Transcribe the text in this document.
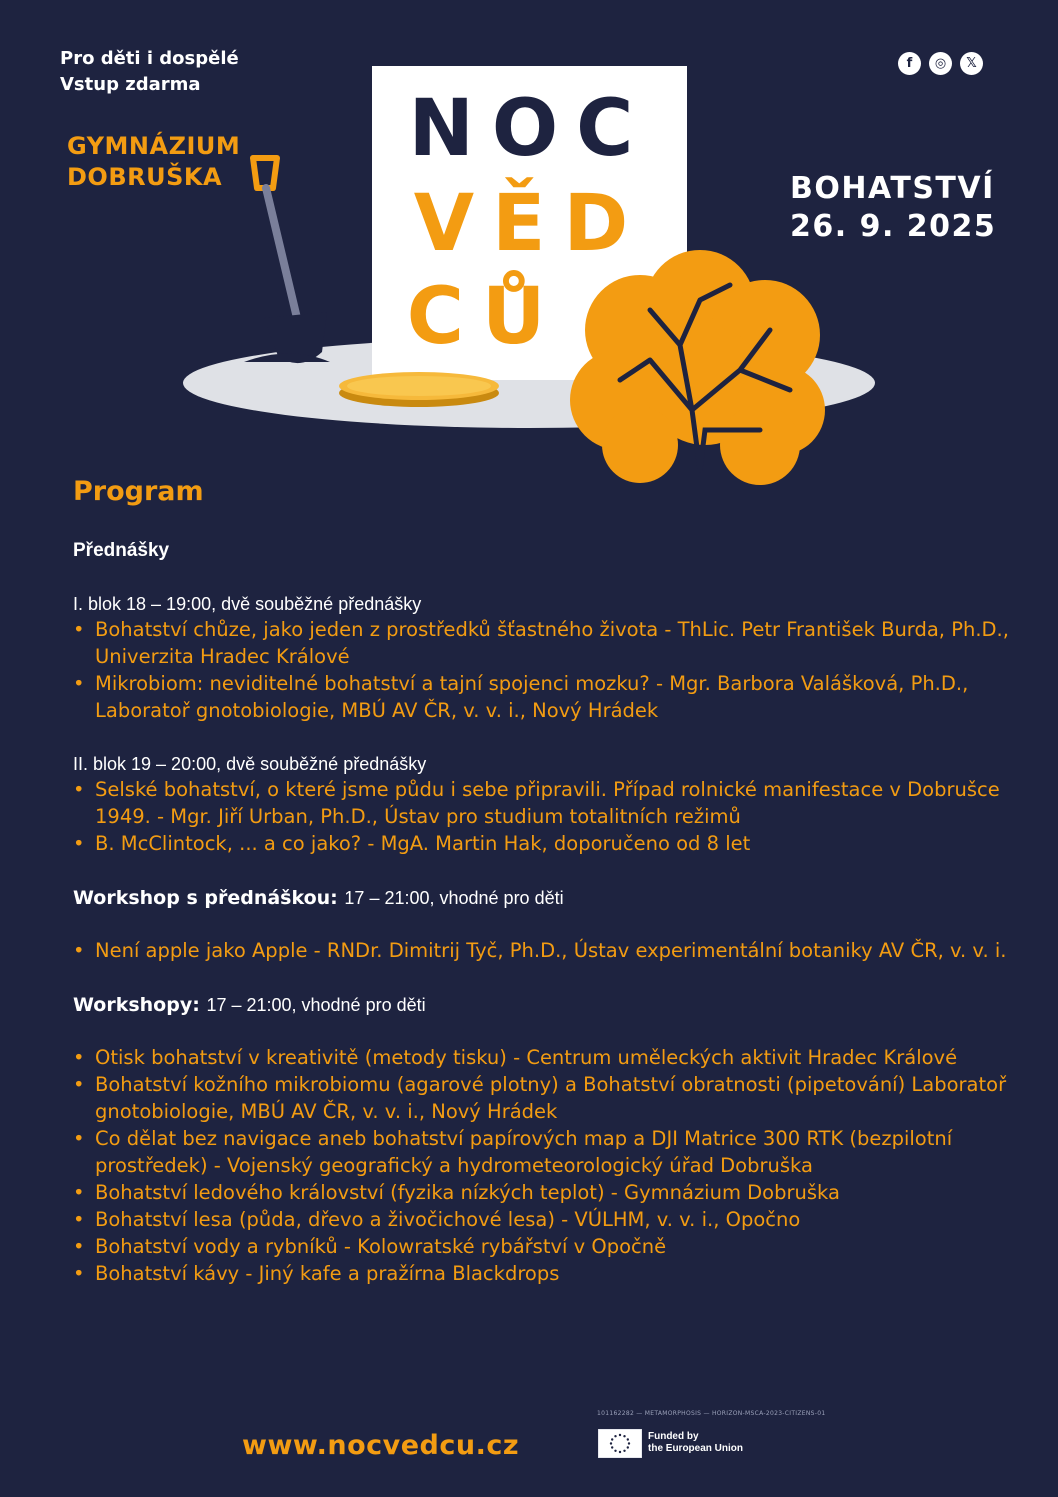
Pro děti i dospělé
Vstup zdarma
GYMNÁZIUM
DOBRUŠKA
f	◎	𝕏
BOHATSTVÍ
26. 9. 2025
NOC
VĚD
CŮ
Program

Přednášky

I. blok 18 – 19:00, dvě souběžné přednášky

• Bohatství chůze, jako jeden z prostředků šťastného života - ThLic. Petr František Burda, Ph.D., Univerzita Hradec Králové
• Mikrobiom: neviditelné bohatství a tajní spojenci mozku? - Mgr. Barbora Valášková, Ph.D., Laboratoř gnotobiologie, MBÚ AV ČR, v. v. i., Nový Hrádek

II. blok 19 – 20:00, dvě souběžné přednášky

• Selské bohatství, o které jsme půdu i sebe připravili. Případ rolnické manifestace v Dobrušce 1949. - Mgr. Jiří Urban, Ph.D., Ústav pro studium totalitních režimů
• B. McClintock, ... a co jako? - MgA. Martin Hak, doporučeno od 8 let

Workshop s přednáškou: 17 – 21:00, vhodné pro děti

• Není apple jako Apple - RNDr. Dimitrij Tyč, Ph.D., Ústav experimentální botaniky AV ČR, v. v. i.

Workshopy: 17 – 21:00, vhodné pro děti

• Otisk bohatství v kreativitě (metody tisku) - Centrum uměleckých aktivit Hradec Králové
• Bohatství kožního mikrobiomu (agarové plotny) a Bohatství obratnosti (pipetování) Laboratoř gnotobiologie, MBÚ AV ČR, v. v. i., Nový Hrádek
• Co dělat bez navigace aneb bohatství papírových map a DJI Matrice 300 RTK (bezpilotní prostředek) - Vojenský geografický a hydrometeorologický úřad Dobruška
• Bohatství ledového království (fyzika nízkých teplot) - Gymnázium Dobruška
• Bohatství lesa (půda, dřevo a živočichové lesa) - VÚLHM, v. v. i., Opočno
• Bohatství vody a rybníků - Kolowratské rybářství v Opočně
• Bohatství kávy - Jiný kafe a pražírna Blackdrops
www.nocvedcu.cz
101162282 — METAMORPHOSIS — HORIZON-MSCA-2023-CITIZENS-01
Funded by
the European Union
